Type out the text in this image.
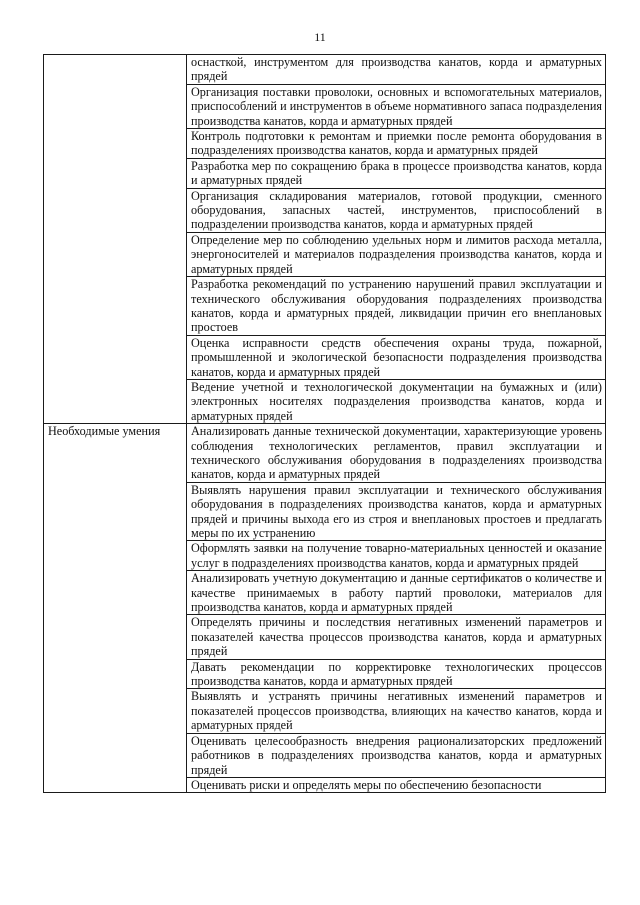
11
	оснасткой, инструментом для производства канатов, корда и арматурных прядей
	Организация поставки проволоки, основных и вспомогательных материалов, приспособлений и инструментов в объеме нормативного запаса подразделения производства канатов, корда и арматурных прядей
	Контроль подготовки к ремонтам и приемки после ремонта оборудования в подразделениях производства канатов, корда и арматурных прядей
	Разработка мер по сокращению брака в процессе производства канатов, корда и арматурных прядей
	Организация складирования материалов, готовой продукции, сменного оборудования, запасных частей, инструментов, приспособлений в подразделении производства канатов, корда и арматурных прядей
	Определение мер по соблюдению удельных норм и лимитов расхода металла, энергоносителей и материалов подразделения производства канатов, корда и арматурных прядей
	Разработка рекомендаций по устранению нарушений правил эксплуатации и технического обслуживания оборудования подразделениях производства канатов, корда и арматурных прядей, ликвидации причин его внеплановых простоев
	Оценка исправности средств обеспечения охраны труда, пожарной, промышленной и экологической безопасности подразделения производства канатов, корда и арматурных прядей
	Ведение учетной и технологической документации на бумажных и (или) электронных носителях подразделения производства канатов, корда и арматурных прядей
Необходимые умения	Анализировать данные технической документации, характеризующие уровень соблюдения технологических регламентов, правил эксплуатации и технического обслуживания оборудования в подразделениях производства канатов, корда и арматурных прядей
	Выявлять нарушения правил эксплуатации и технического обслуживания оборудования в подразделениях производства канатов, корда и арматурных прядей и причины выхода его из строя и внеплановых простоев и предлагать меры по их устранению
	Оформлять заявки на получение товарно-материальных ценностей и оказание услуг в подразделениях производства канатов, корда и арматурных прядей
	Анализировать учетную документацию и данные сертификатов о количестве и качестве принимаемых в работу партий проволоки, материалов для производства канатов, корда и арматурных прядей
	Определять причины и последствия негативных изменений параметров и показателей качества процессов производства канатов, корда и арматурных прядей
	Давать рекомендации по корректировке технологических процессов производства канатов, корда и арматурных прядей
	Выявлять и устранять причины негативных изменений параметров и показателей процессов производства, влияющих на качество канатов, корда и арматурных прядей
	Оценивать целесообразность внедрения рационализаторских предложений работников в подразделениях производства канатов, корда и арматурных прядей

	Оценивать риски и определять меры по обеспечению безопасности
